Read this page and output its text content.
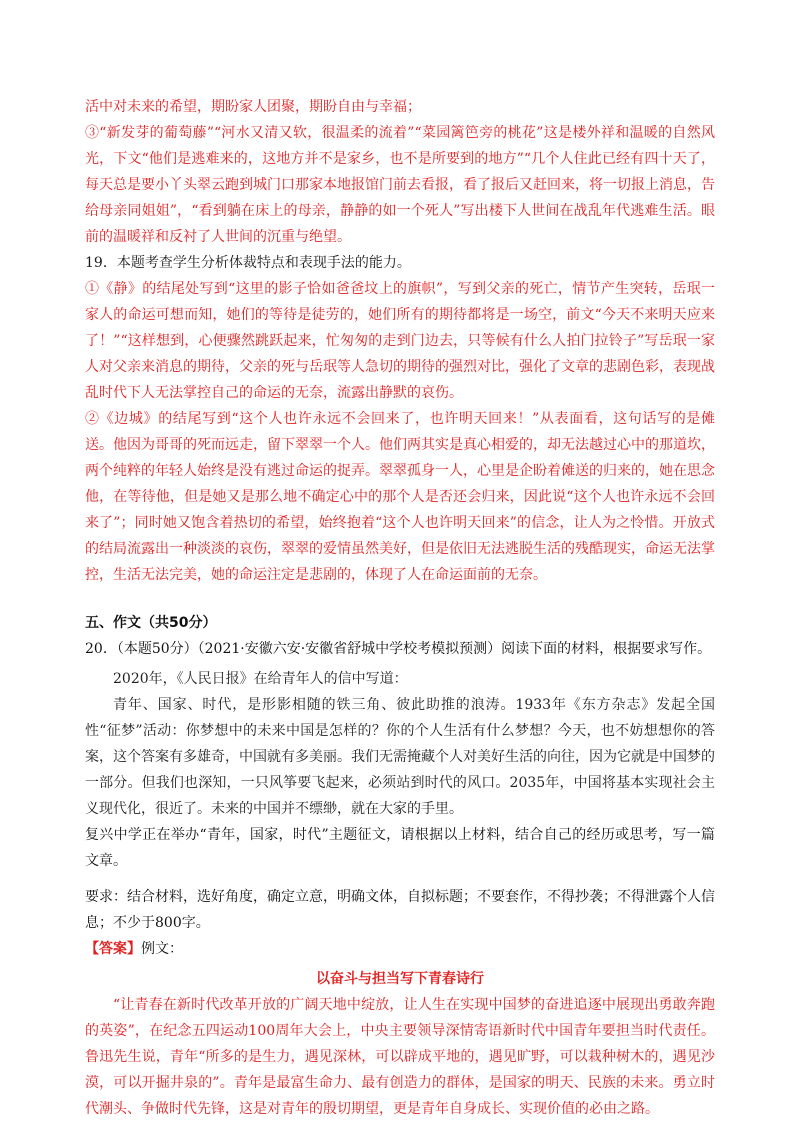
活中对未来的希望，期盼家人团聚，期盼自由与幸福；

③“新发芽的葡萄藤”“河水又清又软，很温柔的流着”“菜园篱笆旁的桃花”这是楼外祥和温暖的自然风光，下文“他们是逃难来的，这地方并不是家乡，也不是所要到的地方”“几个人住此已经有四十天了，每天总是要小丫头翠云跑到城门口那家本地报馆门前去看报，看了报后又赶回来，将一切报上消息，告给母亲同姐姐”，“看到躺在床上的母亲，静静的如一个死人”写出楼下人世间在战乱年代逃难生活。眼前的温暖祥和反衬了人世间的沉重与绝望。

19．本题考查学生分析体裁特点和表现手法的能力。

①《静》的结尾处写到“这里的影子恰如爸爸坟上的旗帜”，写到父亲的死亡，情节产生突转，岳珉一家人的命运可想而知，她们的等待是徒劳的，她们所有的期待都将是一场空，前文“今天不来明天应来了！”“这样想到，心便骤然跳跃起来，忙匆匆的走到门边去，只等候有什么人拍门拉铃子”写岳珉一家人对父亲来消息的期待，父亲的死与岳珉等人急切的期待的强烈对比，强化了文章的悲剧色彩，表现战乱时代下人无法掌控自己的命运的无奈，流露出静默的哀伤。

②《边城》的结尾写到“这个人也许永远不会回来了，也许明天回来！”从表面看，这句话写的是傩送。他因为哥哥的死而远走，留下翠翠一个人。他们两其实是真心相爱的，却无法越过心中的那道坎，两个纯粹的年轻人始终是没有逃过命运的捉弄。翠翠孤身一人，心里是企盼着傩送的归来的，她在思念他，在等待他，但是她又是那么地不确定心中的那个人是否还会归来，因此说“这个人也许永远不会回来了”；同时她又饱含着热切的希望，始终抱着“这个人也许明天回来”的信念，让人为之怜惜。开放式的结局流露出一种淡淡的哀伤，翠翠的爱情虽然美好，但是依旧无法逃脱生活的残酷现实，命运无法掌控，生活无法完美，她的命运注定是悲剧的，体现了人在命运面前的无奈。

五、作文（共50分）

20．（本题50分）（2021·安徽六安·安徽省舒城中学校考模拟预测）阅读下面的材料，根据要求写作。

2020年，《人民日报》在给青年人的信中写道：

青年、国家、时代，是形影相随的铁三角、彼此助推的浪涛。1933年《东方杂志》发起全国性“征梦”活动：你梦想中的未来中国是怎样的？你的个人生活有什么梦想？今天，也不妨想想你的答案，这个答案有多雄奇，中国就有多美丽。我们无需掩藏个人对美好生活的向往，因为它就是中国梦的一部分。但我们也深知，一只风筝要飞起来，必须站到时代的风口。2035年，中国将基本实现社会主义现代化，很近了。未来的中国并不缥缈，就在大家的手里。

复兴中学正在举办“青年，国家，时代”主题征文，请根据以上材料，结合自己的经历或思考，写一篇文章。

要求：结合材料，选好角度，确定立意，明确文体，自拟标题；不要套作，不得抄袭；不得泄露个人信息；不少于800字。

【答案】例文：

以奋斗与担当写下青春诗行

“让青春在新时代改革开放的广阔天地中绽放，让人生在实现中国梦的奋进追逐中展现出勇敢奔跑的英姿”，在纪念五四运动100周年大会上，中央主要领导深情寄语新时代中国青年要担当时代责任。鲁迅先生说，青年“所多的是生力，遇见深林，可以辟成平地的，遇见旷野，可以栽种树木的，遇见沙漠，可以开掘井泉的”。青年是最富生命力、最有创造力的群体，是国家的明天、民族的未来。勇立时代潮头、争做时代先锋，这是对青年的殷切期望，更是青年自身成长、实现价值的必由之路。
